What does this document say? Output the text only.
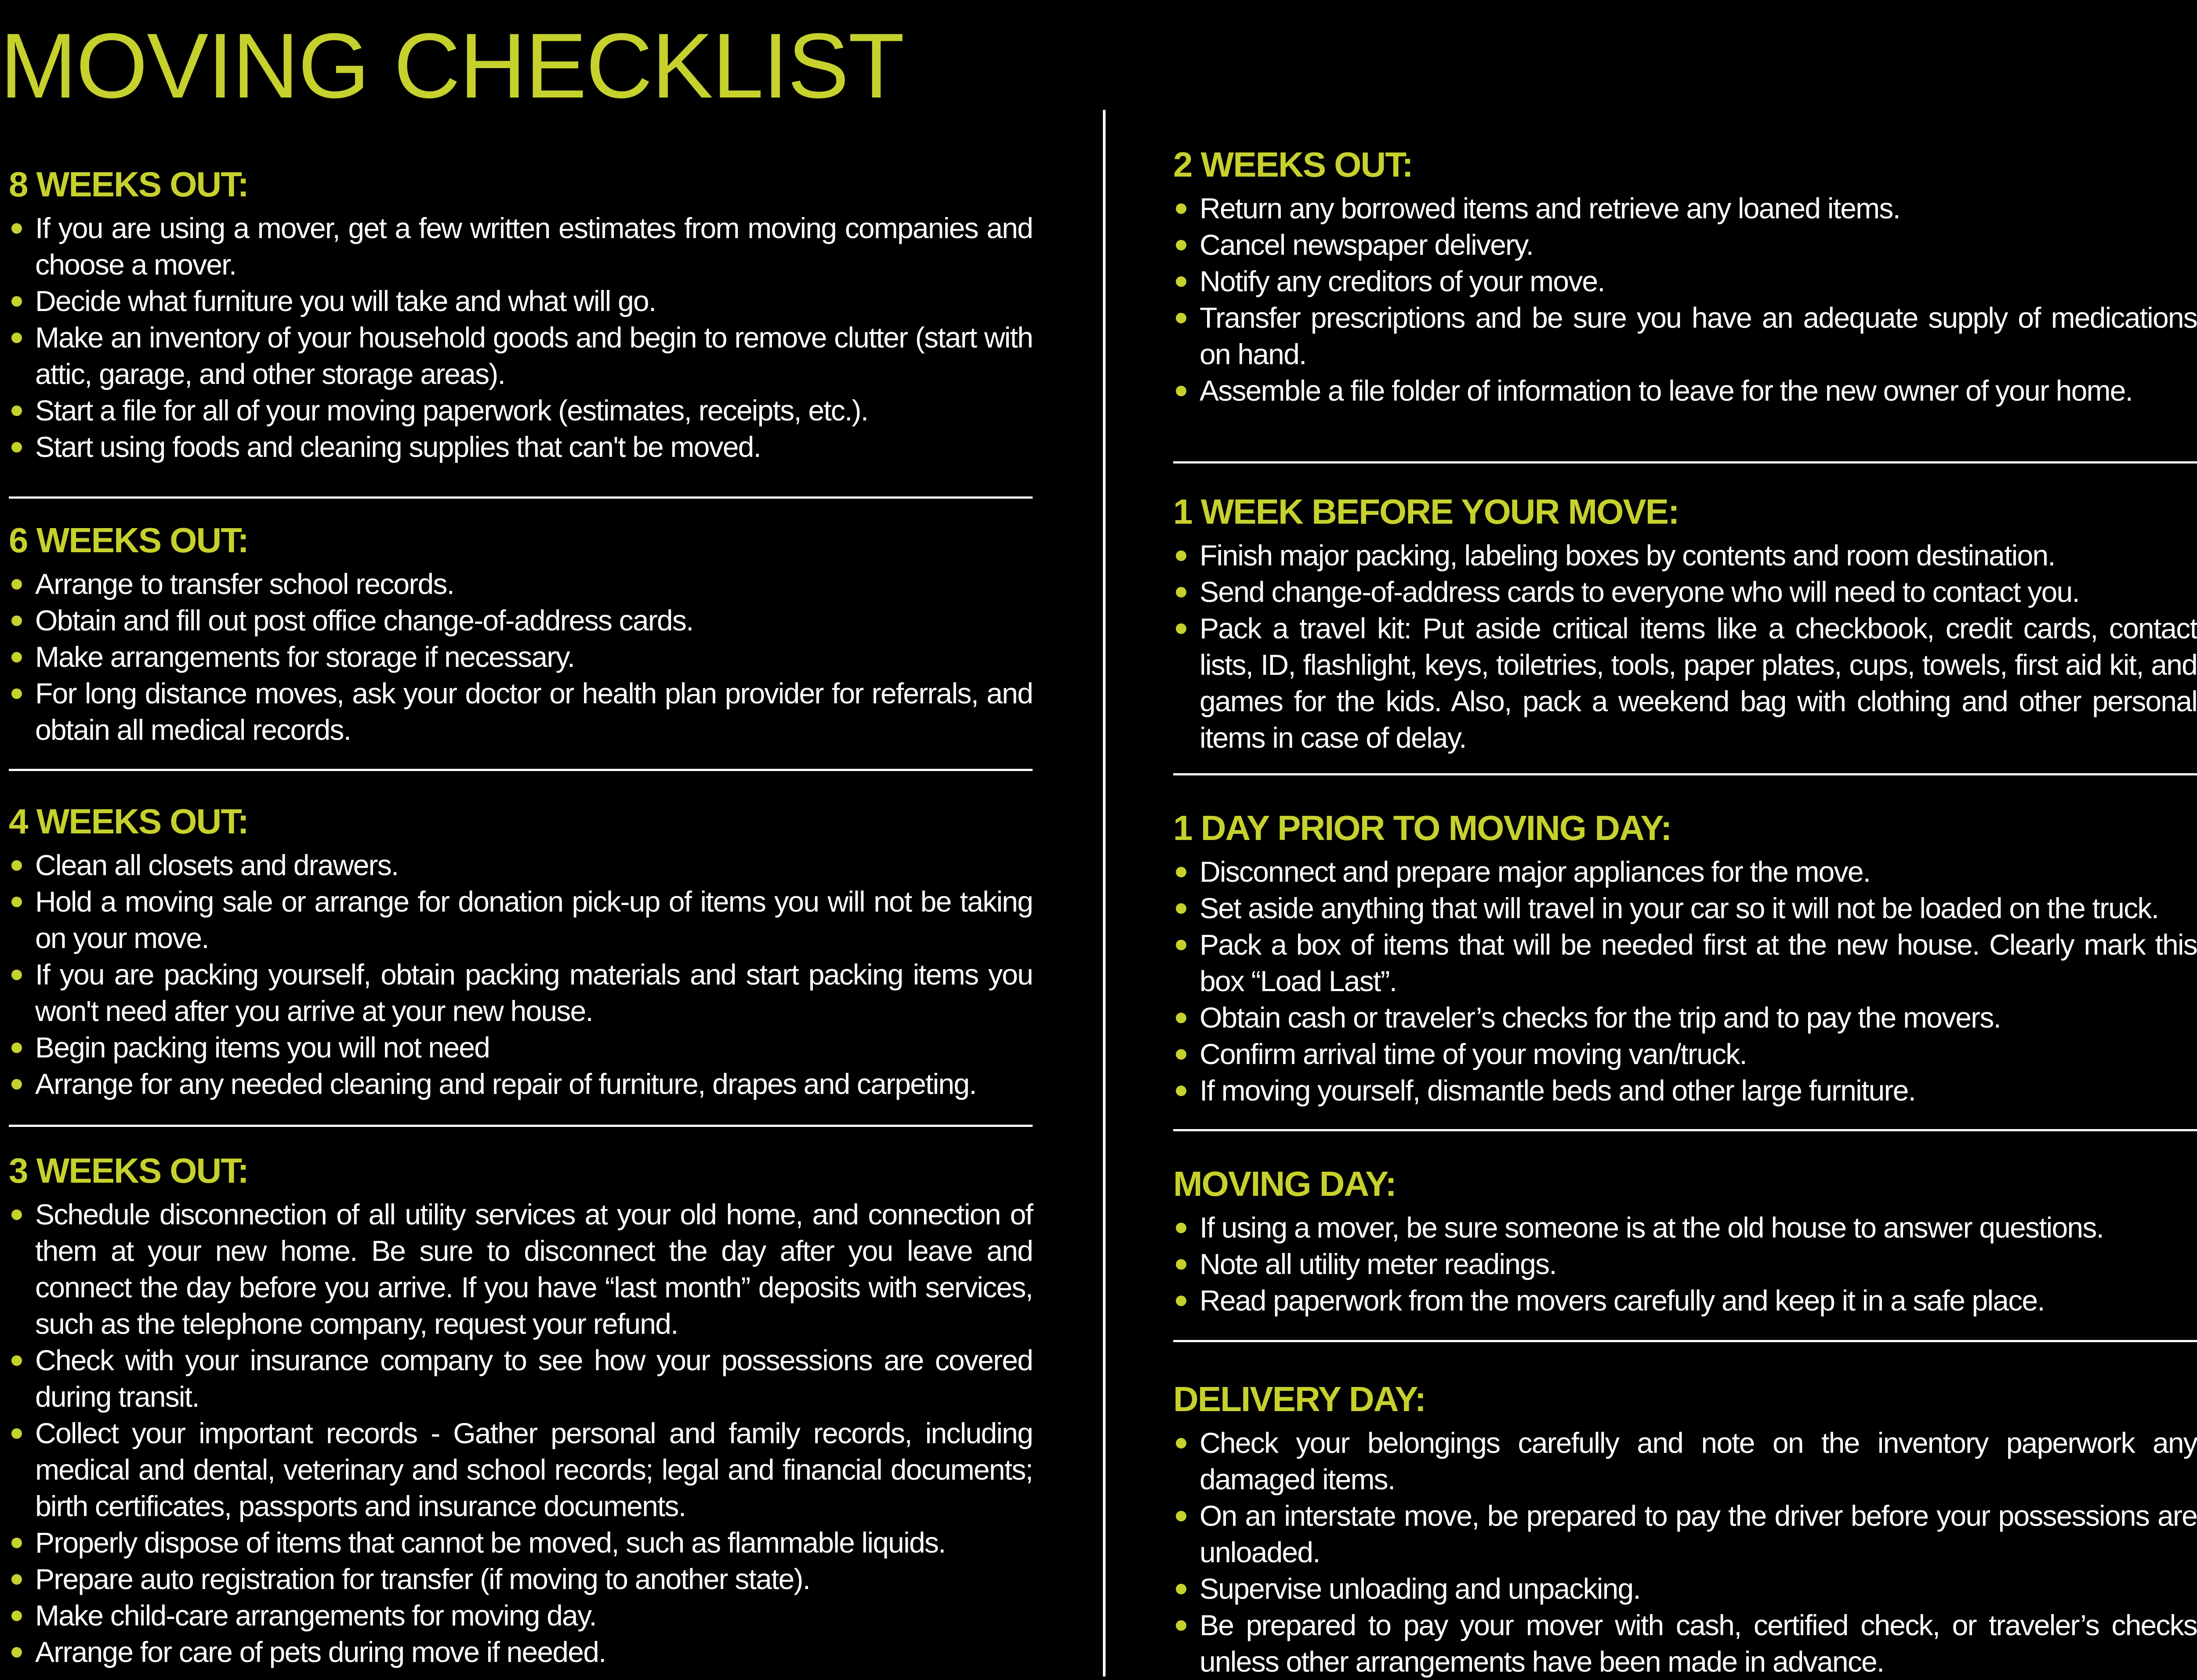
MOVING CHECKLIST
8 WEEKS OUT:
If you are using a mover, get a few written estimates from moving companies and choose a mover.
Decide what furniture you will take and what will go.
Make an inventory of your household goods and begin to remove clutter (start with attic, garage, and other storage areas).
Start a file for all of your moving paperwork (estimates, receipts, etc.).
Start using foods and cleaning supplies that can't be moved.
6 WEEKS OUT:
Arrange to transfer school records.
Obtain and fill out post office change-of-address cards.
Make arrangements for storage if necessary.
For long distance moves, ask your doctor or health plan provider for referrals, and obtain all medical records.
4 WEEKS OUT:
Clean all closets and drawers.
Hold a moving sale or arrange for donation pick-up of items you will not be taking on your move.
If you are packing yourself, obtain packing materials and start packing items you won't need after you arrive at your new house.
Begin packing items you will not need
Arrange for any needed cleaning and repair of furniture, drapes and carpeting.
3 WEEKS OUT:
Schedule disconnection of all utility services at your old home, and connection of them at your new home. Be sure to disconnect the day after you leave and connect the day before you arrive. If you have “last month” deposits with services, such as the telephone company, request your refund.
Check with your insurance company to see how your possessions are covered during transit.
Collect your important records - Gather personal and family records, including medical and dental, veterinary and school records; legal and financial documents; birth certificates, passports and insurance documents.
Properly dispose of items that cannot be moved, such as flammable liquids.
Prepare auto registration for transfer (if moving to another state).
Make child-care arrangements for moving day.
Arrange for care of pets during move if needed.
2 WEEKS OUT:
Return any borrowed items and retrieve any loaned items.
Cancel newspaper delivery.
Notify any creditors of your move.
Transfer prescriptions and be sure you have an adequate supply of medications on hand.
Assemble a file folder of information to leave for the new owner of your home.
1 WEEK BEFORE YOUR MOVE:
Finish major packing, labeling boxes by contents and room destination.
Send change-of-address cards to everyone who will need to contact you.
Pack a travel kit: Put aside critical items like a checkbook, credit cards, contact lists, ID, flashlight, keys, toiletries, tools, paper plates, cups, towels, first aid kit, and games for the kids. Also, pack a weekend bag with clothing and other personal items in case of delay.
1 DAY PRIOR TO MOVING DAY:
Disconnect and prepare major appliances for the move.
Set aside anything that will travel in your car so it will not be loaded on the truck.
Pack a box of items that will be needed first at the new house. Clearly mark this box “Load Last”.
Obtain cash or traveler’s checks for the trip and to pay the movers.
Confirm arrival time of your moving van/truck.
If moving yourself, dismantle beds and other large furniture.
MOVING DAY:
If using a mover, be sure someone is at the old house to answer questions.
Note all utility meter readings.
Read paperwork from the movers carefully and keep it in a safe place.
DELIVERY DAY:
Check your belongings carefully and note on the inventory paperwork any damaged items.
On an interstate move, be prepared to pay the driver before your possessions are unloaded.
Supervise unloading and unpacking.
Be prepared to pay your mover with cash, certified check, or traveler’s checks unless other arrangements have been made in advance.
